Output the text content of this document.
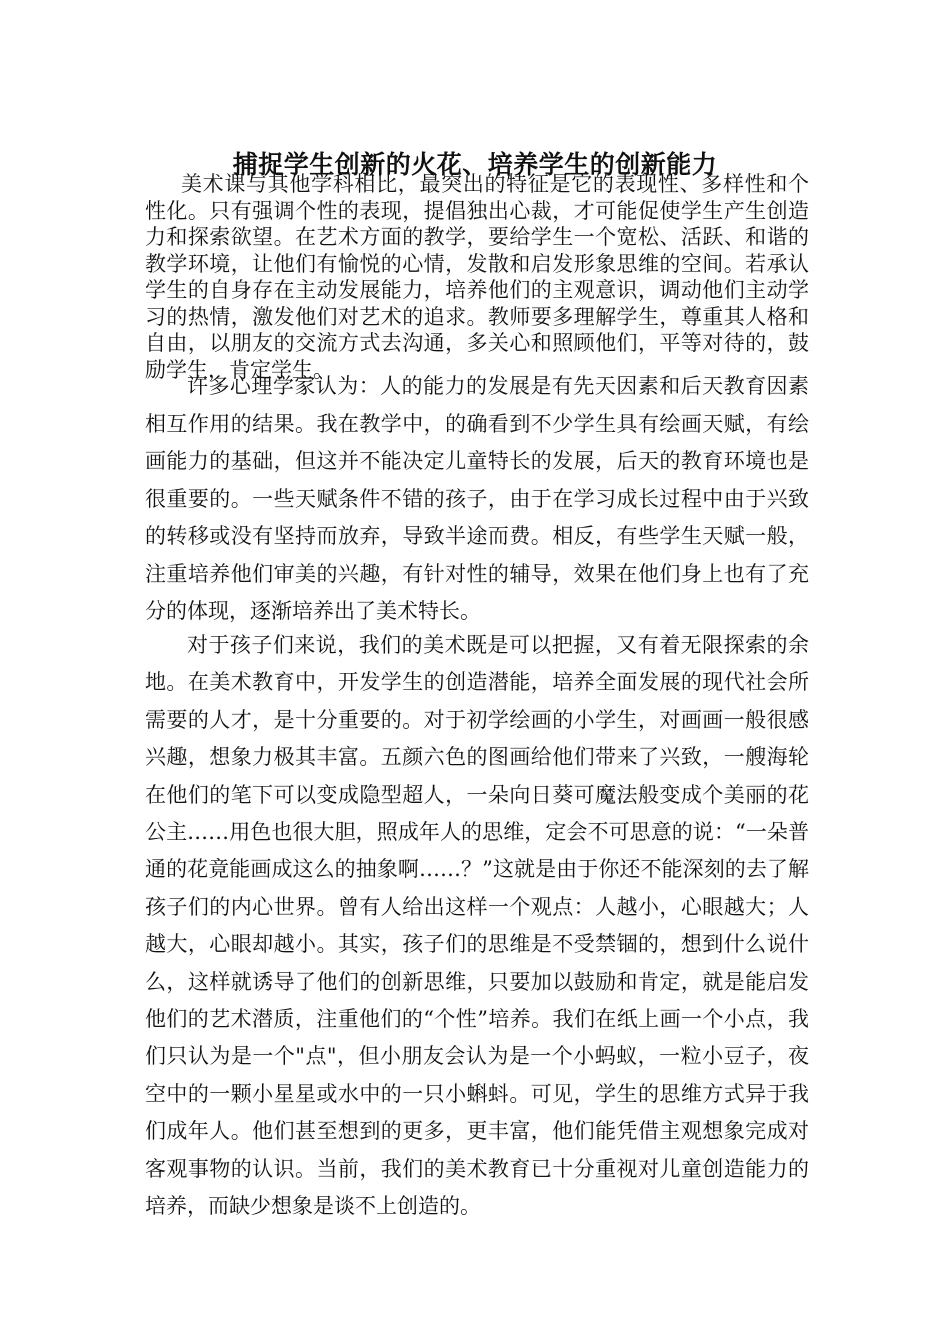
捕捉学生创新的火花、培养学生的创新能力

美术课与其他学科相比，最突出的特征是它的表现性、多样性和个性化。只有强调个性的表现，提倡独出心裁，才可能促使学生产生创造力和探索欲望。在艺术方面的教学，要给学生一个宽松、活跃、和谐的教学环境，让他们有愉悦的心情，发散和启发形象思维的空间。若承认学生的自身存在主动发展能力，培养他们的主观意识，调动他们主动学习的热情，激发他们对艺术的追求。教师要多理解学生，尊重其人格和自由，以朋友的交流方式去沟通，多关心和照顾他们，平等对待的，鼓励学生，肯定学生。

许多心理学家认为：人的能力的发展是有先天因素和后天教育因素相互作用的结果。我在教学中，的确看到不少学生具有绘画天赋，有绘画能力的基础，但这并不能决定儿童特长的发展，后天的教育环境也是很重要的。一些天赋条件不错的孩子，由于在学习成长过程中由于兴致的转移或没有坚持而放弃，导致半途而费。相反，有些学生天赋一般，注重培养他们审美的兴趣，有针对性的辅导，效果在他们身上也有了充分的体现，逐渐培养出了美术特长。

对于孩子们来说，我们的美术既是可以把握，又有着无限探索的余地。在美术教育中，开发学生的创造潜能，培养全面发展的现代社会所需要的人才，是十分重要的。对于初学绘画的小学生，对画画一般很感兴趣，想象力极其丰富。五颜六色的图画给他们带来了兴致，一艘海轮在他们的笔下可以变成隐型超人，一朵向日葵可魔法般变成个美丽的花公主……用色也很大胆，照成年人的思维，定会不可思意的说：“一朵普通的花竟能画成这么的抽象啊……？”这就是由于你还不能深刻的去了解孩子们的内心世界。曾有人给出这样一个观点：人越小，心眼越大；人越大，心眼却越小。其实，孩子们的思维是不受禁锢的，想到什么说什么，这样就诱导了他们的创新思维，只要加以鼓励和肯定，就是能启发他们的艺术潜质，注重他们的“个性”培养。我们在纸上画一个小点，我们只认为是一个"点"，但小朋友会认为是一个小蚂蚁，一粒小豆子，夜空中的一颗小星星或水中的一只小蝌蚪。可见，学生的思维方式异于我们成年人。他们甚至想到的更多，更丰富，他们能凭借主观想象完成对客观事物的认识。当前，我们的美术教育已十分重视对儿童创造能力的培养，而缺少想象是谈不上创造的。
